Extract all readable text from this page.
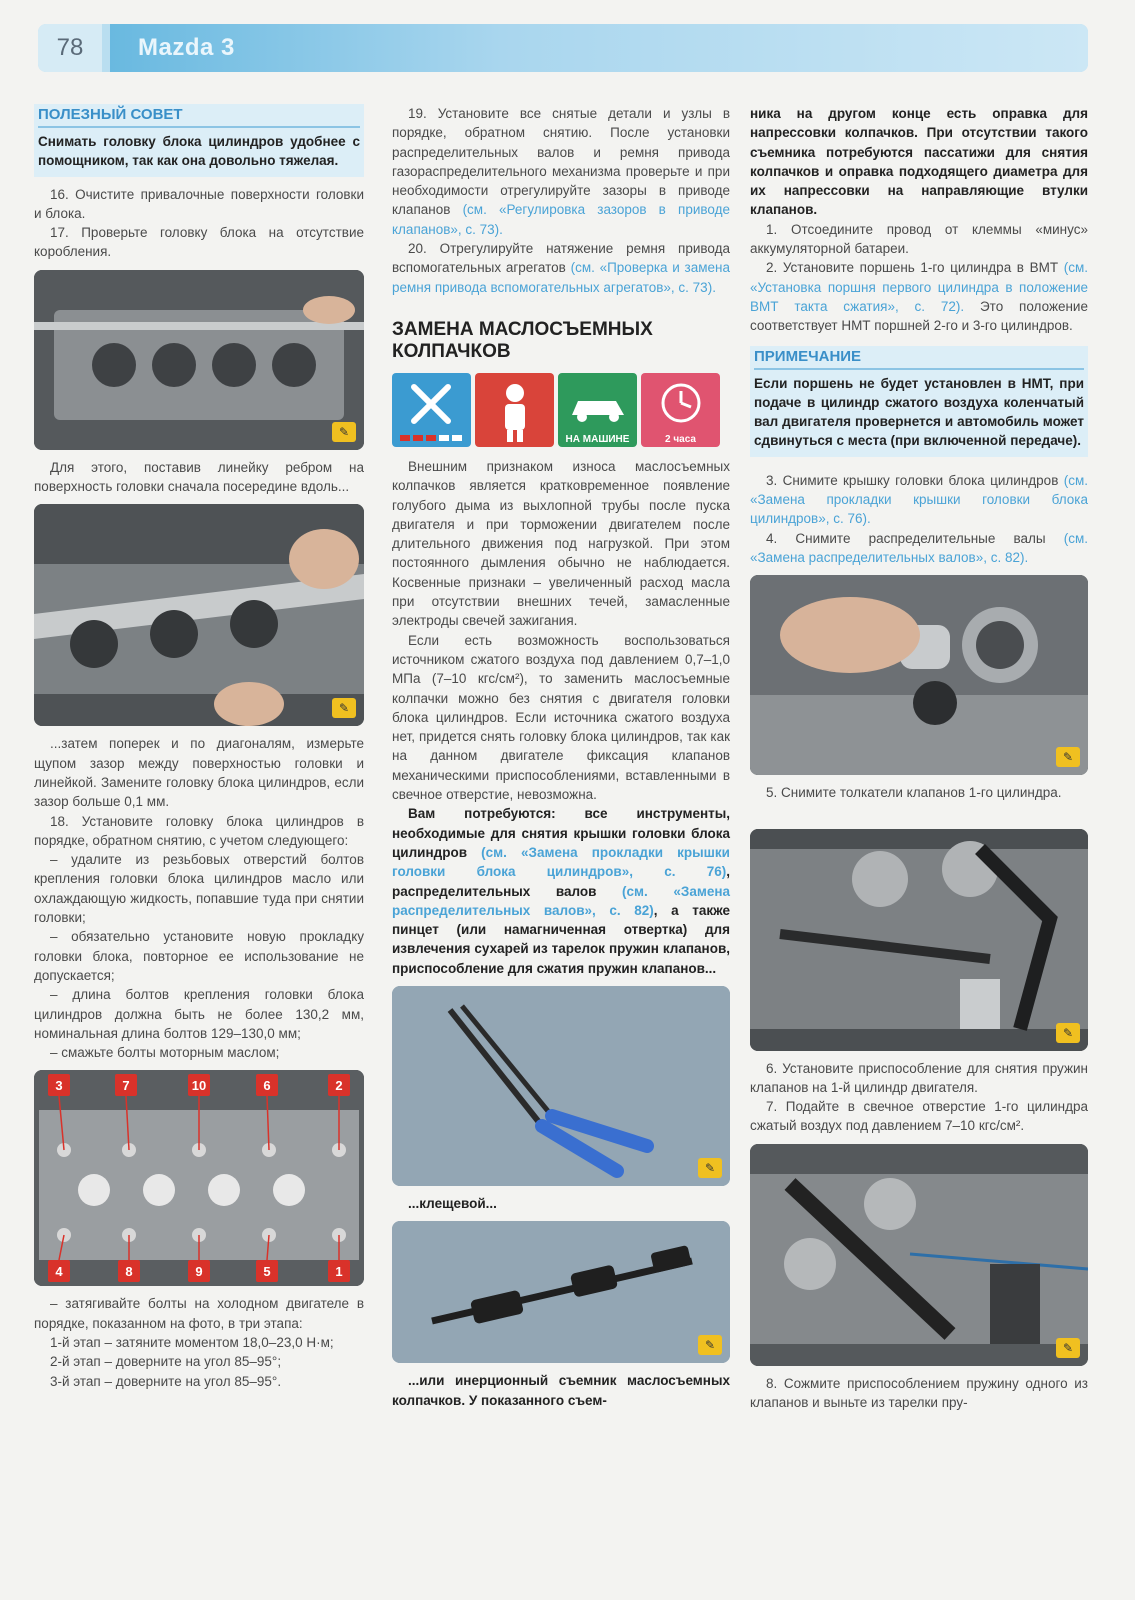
78	Mazda 3
ПОЛЕЗНЫЙ СОВЕТ

Снимать головку блока цилиндров удобнее с помощником, так как она довольно тяжелая.

16. Очистите привалочные поверхности головки и блока.

17. Проверьте головку блока на отсутствие коробления.

✎

Для этого, поставив линейку ребром на поверхность головки сначала посередине вдоль...

✎

...затем поперек и по диагоналям, измерьте щупом зазор между поверхностью головки и линейкой. Замените головку блока цилиндров, если зазор больше 0,1 мм.

18. Установите головку блока цилиндров в порядке, обратном снятию, с учетом следующего:

– удалите из резьбовых отверстий болтов крепления головки блока цилиндров масло или охлаждающую жидкость, попавшие туда при снятии головки;

– обязательно установите новую прокладку головки блока, повторное ее использование не допускается;

– длина болтов крепления головки блока цилиндров должна быть не более 130,2 мм, номинальная длина болтов 129–130,0 мм;

– смажьте болты моторным маслом;

3	7	10	6	2
4	8	9	5	1

– затягивайте болты на холодном двигателе в порядке, показанном на фото, в три этапа:

1-й этап – затяните моментом 18,0–23,0 Н·м;

2-й этап – доверните на угол 85–95°;

3-й этап – доверните на угол 85–95°.

19. Установите все снятые детали и узлы в порядке, обратном снятию. После установки распределительных валов и ремня привода газораспределительного механизма проверьте и при необходимости отрегулируйте зазоры в приводе клапанов (см. «Регулировка зазоров в приводе клапанов», с. 73).

20. Отрегулируйте натяжение ремня привода вспомогательных агрегатов (см. «Проверка и замена ремня привода вспомогательных агрегатов», с. 73).

ЗАМЕНА МАСЛОСЪЕМНЫХ КОЛПАЧКОВ
НА МАШИНЕ	2 часа

Внешним признаком износа маслосъемных колпачков является кратковременное появление голубого дыма из выхлопной трубы после пуска двигателя и при торможении двигателем после длительного движения под нагрузкой. При этом постоянного дымления обычно не наблюдается. Косвенные признаки – увеличенный расход масла при отсутствии внешних течей, замасленные электроды свечей зажигания.

Если есть возможность воспользоваться источником сжатого воздуха под давлением 0,7–1,0 МПа (7–10 кгс/см²), то заменить маслосъемные колпачки можно без снятия с двигателя головки блока цилиндров. Если источника сжатого воздуха нет, придется снять головку блока цилиндров, так как на данном двигателе фиксация клапанов механическими приспособлениями, вставленными в свечное отверстие, невозможна.

Вам потребуются: все инструменты, необходимые для снятия крышки головки блока цилиндров (см. «Замена прокладки крышки головки блока цилиндров», с. 76), распределительных валов (см. «Замена распределительных валов», с. 82), а также пинцет (или намагниченная отвертка) для извлечения сухарей из тарелок пружин клапанов, приспособление для сжатия пружин клапанов...

✎

...клещевой...

✎

...или инерционный съемник маслосъемных колпачков. У показанного съем-

ника на другом конце есть оправка для напрессовки колпачков. При отсутствии такого съемника потребуются пассатижи для снятия колпачков и оправка подходящего диаметра для их напрессовки на направляющие втулки клапанов.

1. Отсоедините провод от клеммы «минус» аккумуляторной батареи.

2. Установите поршень 1-го цилиндра в ВМТ (см. «Установка поршня первого цилиндра в положение ВМТ такта сжатия», с. 72). Это положение соответствует НМТ поршней 2-го и 3-го цилиндров.

ПРИМЕЧАНИЕ

Если поршень не будет установлен в НМТ, при подаче в цилиндр сжатого воздуха коленчатый вал двигателя провернется и автомобиль может сдвинуться с места (при включенной передаче).

3. Снимите крышку головки блока цилиндров (см. «Замена прокладки крышки головки блока цилиндров», с. 76).

4. Снимите распределительные валы (см. «Замена распределительных валов», с. 82).

✎

5. Снимите толкатели клапанов 1-го цилиндра.

✎

6. Установите приспособление для снятия пружин клапанов на 1-й цилиндр двигателя.

7. Подайте в свечное отверстие 1-го цилиндра сжатый воздух под давлением 7–10 кгс/см².

✎

8. Сожмите приспособлением пружину одного из клапанов и выньте из тарелки пру-
